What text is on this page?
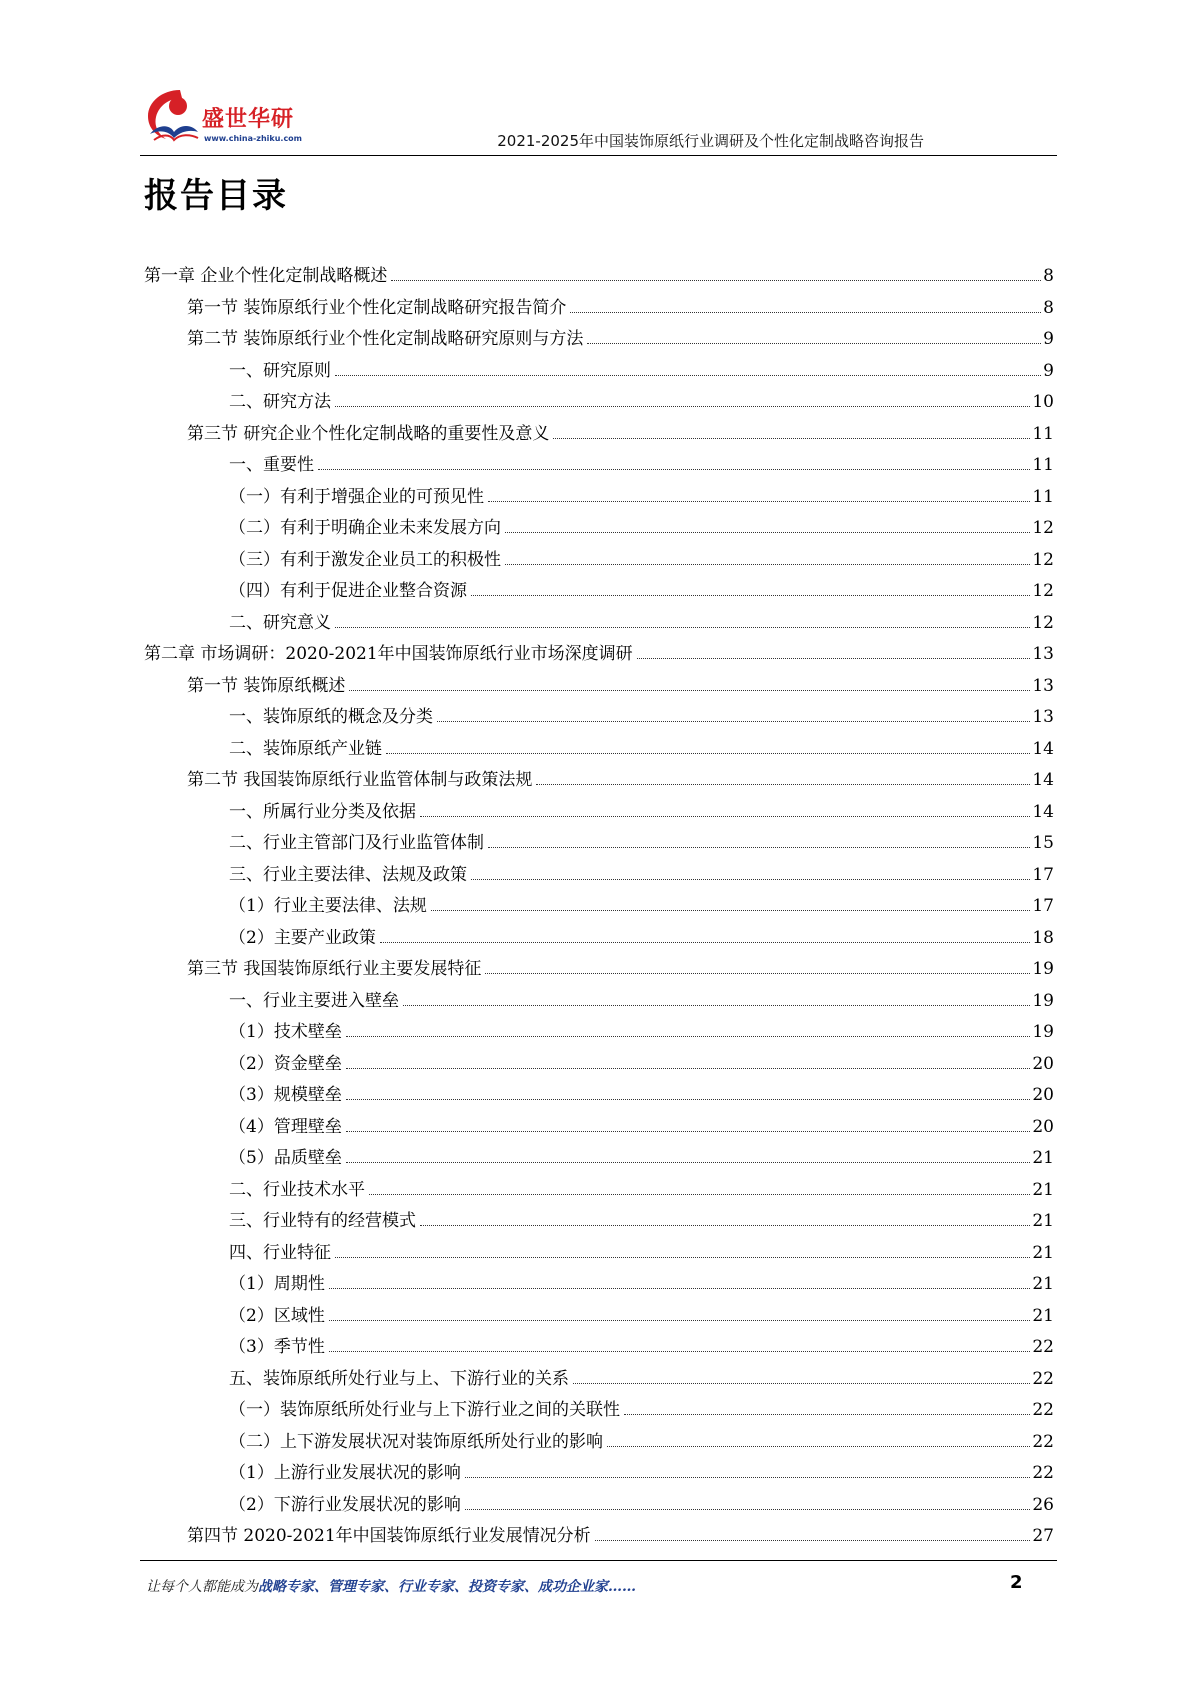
盛世华研
www.china-zhiku.com	2021-2025年中国装饰原纸行业调研及个性化定制战略咨询报告
报告目录
第一章 企业个性化定制战略概述	8
第一节 装饰原纸行业个性化定制战略研究报告简介	8
第二节 装饰原纸行业个性化定制战略研究原则与方法	9
一、研究原则	9
二、研究方法	10
第三节 研究企业个性化定制战略的重要性及意义	11
一、重要性	11
（一）有利于增强企业的可预见性	11
（二）有利于明确企业未来发展方向	12
（三）有利于激发企业员工的积极性	12
（四）有利于促进企业整合资源	12
二、研究意义	12
第二章 市场调研：2020-2021年中国装饰原纸行业市场深度调研	13
第一节 装饰原纸概述	13
一、装饰原纸的概念及分类	13
二、装饰原纸产业链	14
第二节 我国装饰原纸行业监管体制与政策法规	14
一、所属行业分类及依据	14
二、行业主管部门及行业监管体制	15
三、行业主要法律、法规及政策	17
（1）行业主要法律、法规	17
（2）主要产业政策	18
第三节 我国装饰原纸行业主要发展特征	19
一、行业主要进入壁垒	19
（1）技术壁垒	19
（2）资金壁垒	20
（3）规模壁垒	20
（4）管理壁垒	20
（5）品质壁垒	21
二、行业技术水平	21
三、行业特有的经营模式	21
四、行业特征	21
（1）周期性	21
（2）区域性	21
（3）季节性	22
五、装饰原纸所处行业与上、下游行业的关系	22
（一）装饰原纸所处行业与上下游行业之间的关联性	22
（二）上下游发展状况对装饰原纸所处行业的影响	22
（1）上游行业发展状况的影响	22
（2）下游行业发展状况的影响	26
第四节 2020-2021年中国装饰原纸行业发展情况分析	27
让每个人都能成为战略专家、管理专家、行业专家、投资专家、成功企业家……	2
